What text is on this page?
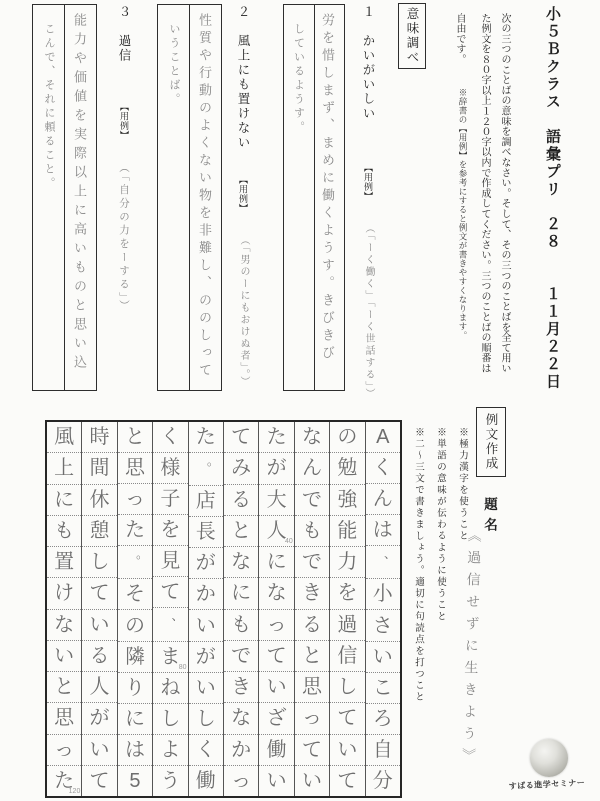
小５Ｂクラス　語彙プリ　２８　　１１月２２日
次の三つのことばの意味を調べなさい。そして、その三つのことばを全て用い
た例文を８０字以上１２０字以内で作成してください。三つのことばの順番は
自由です。
※辞書の【用例】を参考にすると例文が書きやすくなります。
意味調べ
１　かいがいしい 【用例】 （「ーく働く」「ーく世話する」）
労を惜しまず、まめに働くようす。きびきび
しているようす。
２　風上にも置けない 【用例】 （「男のーにもおけぬ者」。）
性質や行動のよくない物を非難し、ののしって
いうことば。
３　過信 【用例】 （「自分の力をーする」）
能力や価値を実際以上に高いものと思い込
こんで、それに頼ること。
例文作成
※極力漢字を使うこと
※単語の意味が伝わるように使うこと
※二～三文で書きましょう。適切に句読点を打つこと	題名
《過信せずに生きよう》
A
く
ん
は
、
小
さ
い
こ
ろ
自
分
の
勉
強
能
力
を
過
信
し
て
い
て
な
ん
で
も
で
き
る
と
思
っ
て
い
た
が
大
人
40
に
な
っ
て
い
ざ
働
い
て
み
る
と
な
に
も
で
き
な
か
っ
た
。
店
長
が
か
い
が
い
し
く
働
く
様
子
を
見
て
、
ま
80
ね
し
よ
う
と
思
っ
た
。
そ
の
隣
り
に
は
5
時
間
休
憩
し
て
い
る
人
が
い
て
風
上
に
も
置
け
な
い
と
思
っ
た
120
すばる進学セミナー
